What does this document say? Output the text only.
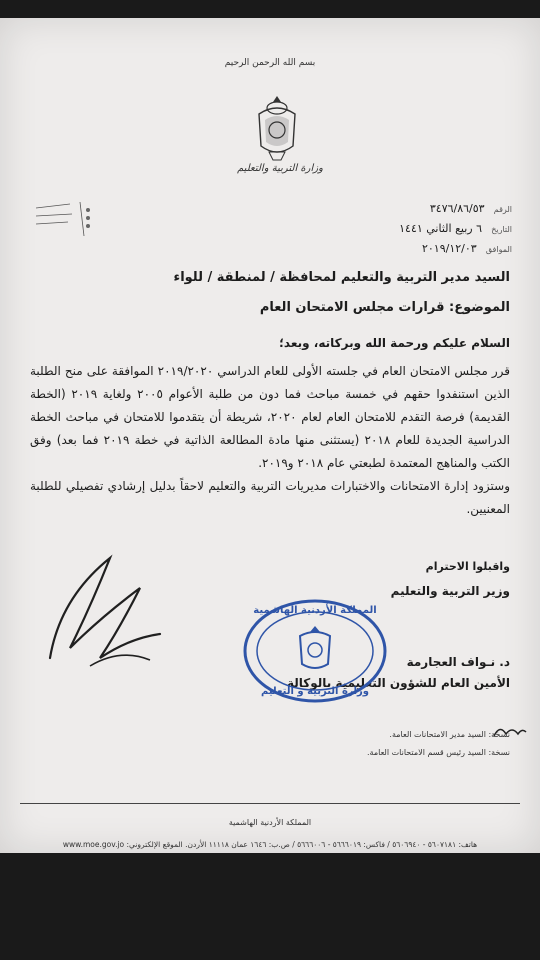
بسم الله الرحمن الرحيم
وزارة التربية والتعليم
الرقم ٣٤٧٦/٨٦/٥٣
التاريخ ٦ ربيع الثاني ١٤٤١
الموافق ٢٠١٩/١٢/٠٣
السيد مدير التربية والتعليم لمحافظة / لمنطقة / للواء
الموضوع: قرارات مجلس الامتحان العام
السلام عليكم ورحمة الله وبركاته، وبعد؛
قرر مجلس الامتحان العام في جلسته الأولى للعام الدراسي ٢٠١٩/٢٠٢٠ الموافقة على منح الطلبة الذين استنفدوا حقهم في خمسة مباحث فما دون من طلبة الأعوام ٢٠٠٥ ولغاية ٢٠١٩ (الخطة القديمة) فرصة التقدم للامتحان العام لعام ٢٠٢٠، شريطة أن يتقدموا للامتحان في مباحث الخطة الدراسية الجديدة للعام ٢٠١٨ (يستثنى منها مادة المطالعة الذاتية في خطة ٢٠١٩ فما بعد) وفق الكتب والمناهج المعتمدة لطبعتي عام ٢٠١٨ و٢٠١٩.
وستزود إدارة الامتحانات والاختبارات مديريات التربية والتعليم لاحقاً بدليل إرشادي تفصيلي للطلبة المعنيين.
واقبلوا الاحترام
وزير التربية والتعليم
د. نـواف العجارمة
الأمين العام للشؤون التعليمية بالوكالة
المملكة الأردنية الهاشمية
وزارة التربية و التعليم
نسخة: السيد مدير الامتحانات العامة.
نسخة: السيد رئيس قسم الامتحانات العامة.
المملكة الأردنية الهاشمية
هاتف: ٥٦٠٧١٨١ - ٥٦٠٦٩٤٠ / فاكس: ٥٦٦٦٠١٩ - ٥٦٦٦٠٠٦ / ص.ب: ١٦٤٦ عمان ١١١١٨ الأردن. الموقع الإلكتروني: www.moe.gov.jo
